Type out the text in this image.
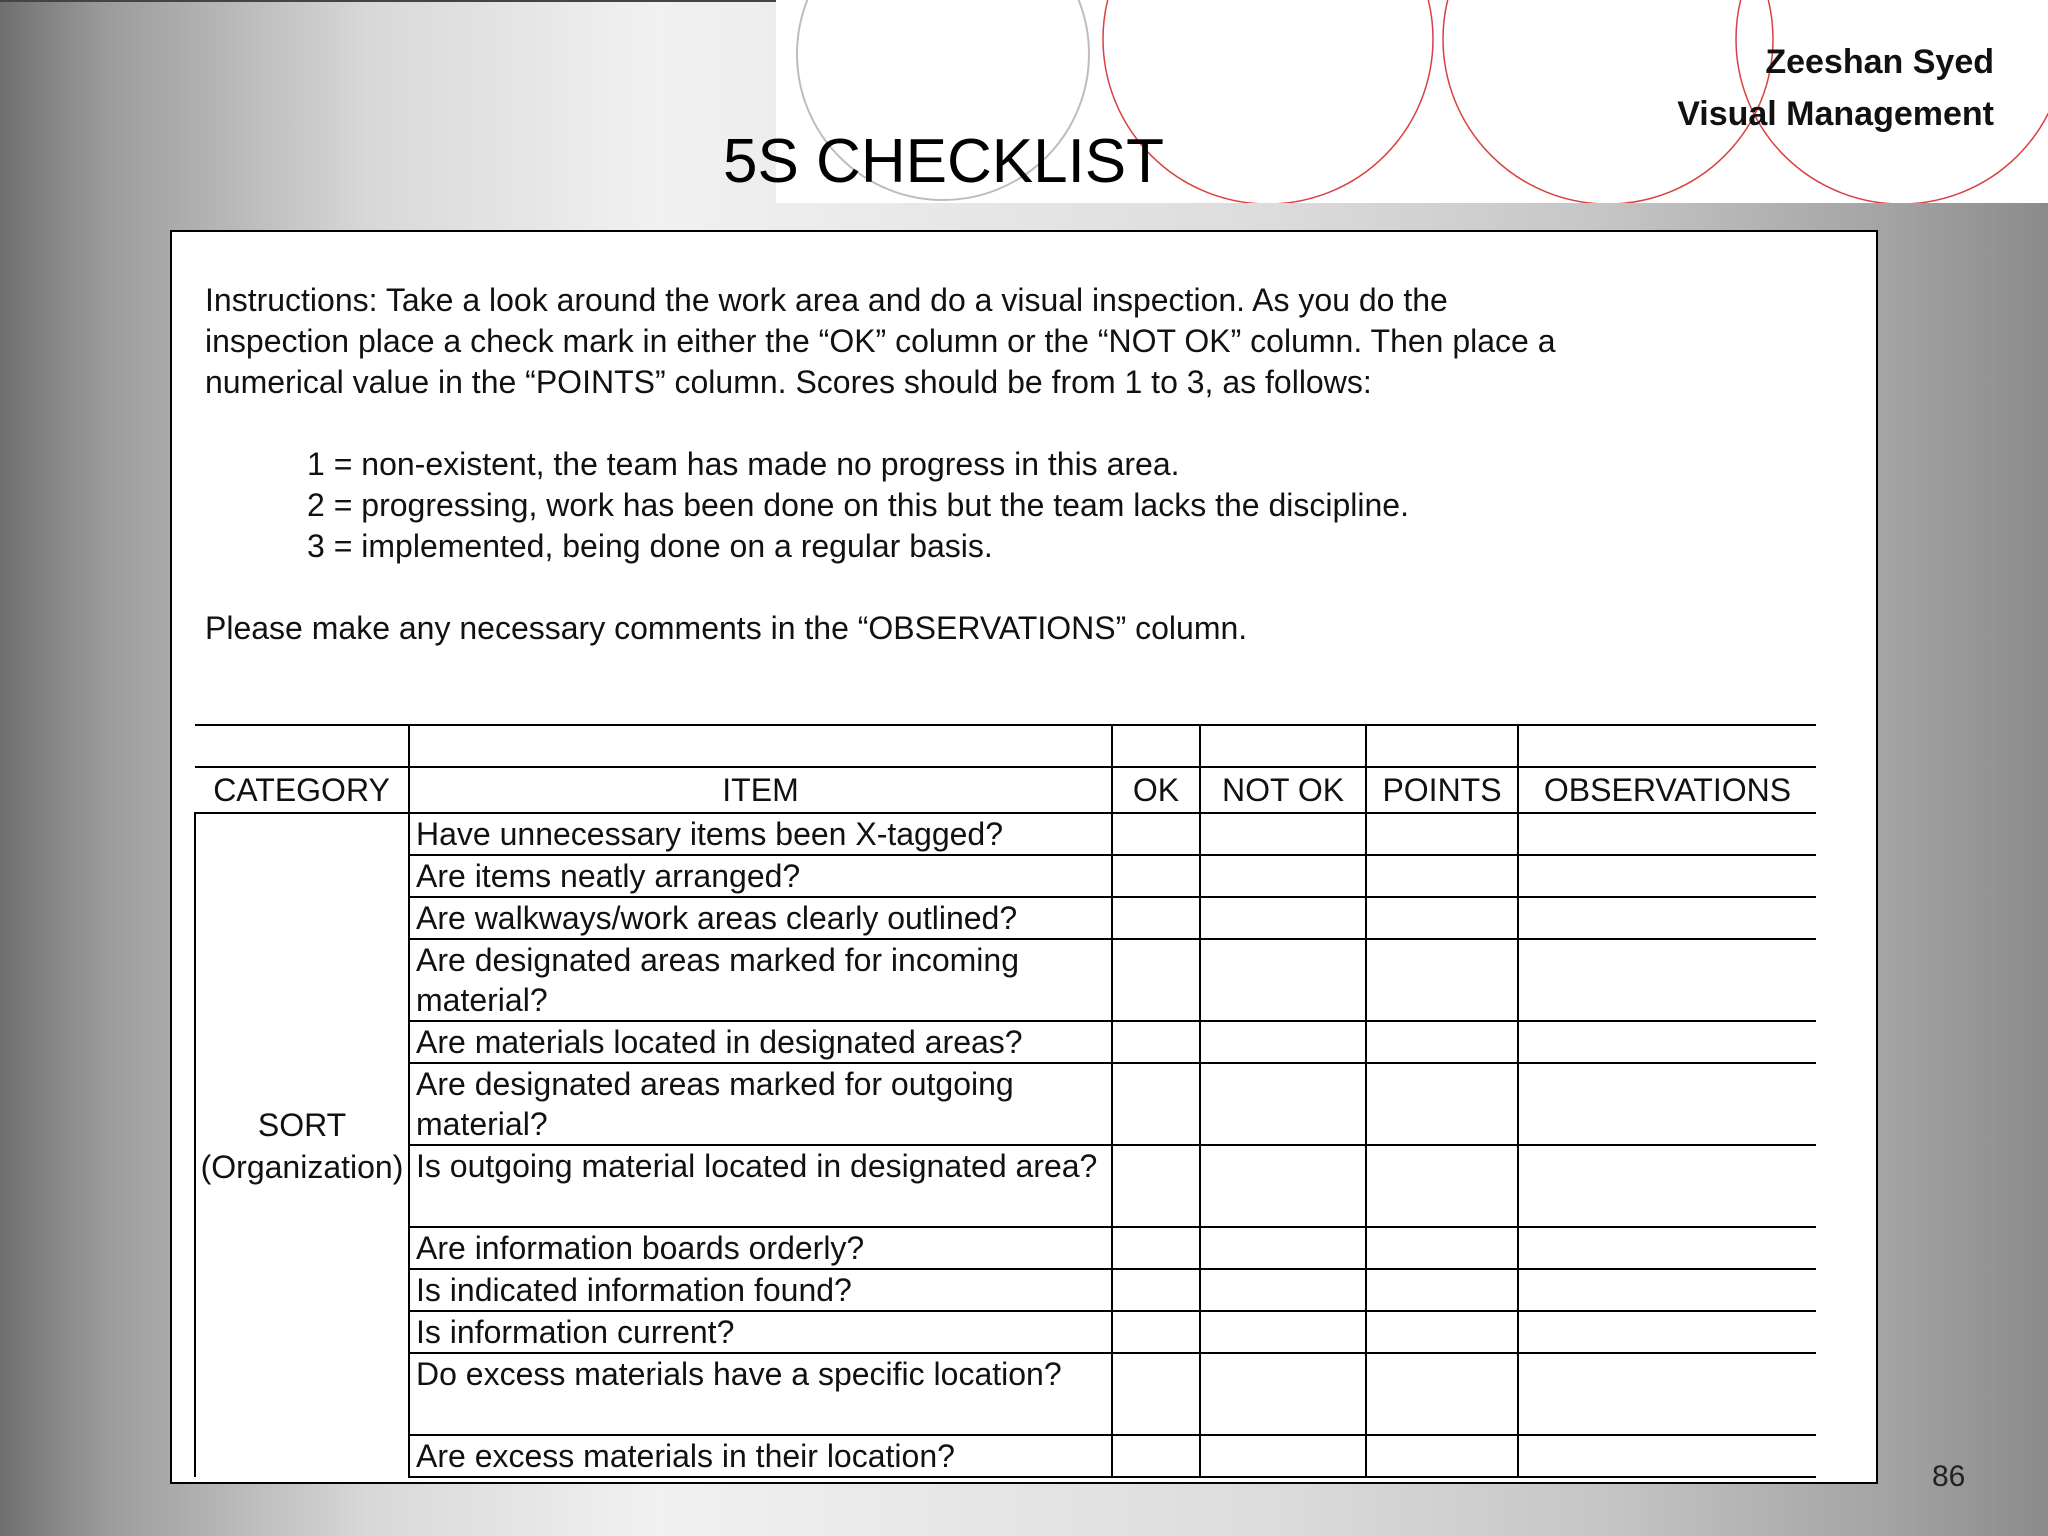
Zeeshan Syed
Visual Management
5S CHECKLIST

Instructions: Take a look around the work area and do a visual inspection. As you do the

inspection place a check mark in either the “OK” column or the “NOT OK” column. Then place a

numerical value in the “POINTS” column. Scores should be from 1 to 3, as follows:

1 = non-existent, the team has made no progress in this area.
2 = progressing, work has been done on this but the team lacks the discipline.
3 = implemented, being done on a regular basis.

Please make any necessary comments in the “OBSERVATIONS” column.

CATEGORY	ITEM	OK	NOT OK	POINTS	OBSERVATIONS

SORT
(Organization)	Have unnecessary items been X-tagged?				
	Are items neatly arranged?				
	Are walkways/work areas clearly outlined?				
	Are designated areas marked for incoming material?				
	Are materials located in designated areas?				
	Are designated areas marked for outgoing material?				
	Is outgoing material located in designated area?				
	Are information boards orderly?				
	Is indicated information found?				
	Is information current?				
	Do excess materials have a specific location?				
	Are excess materials in their location?				
86
